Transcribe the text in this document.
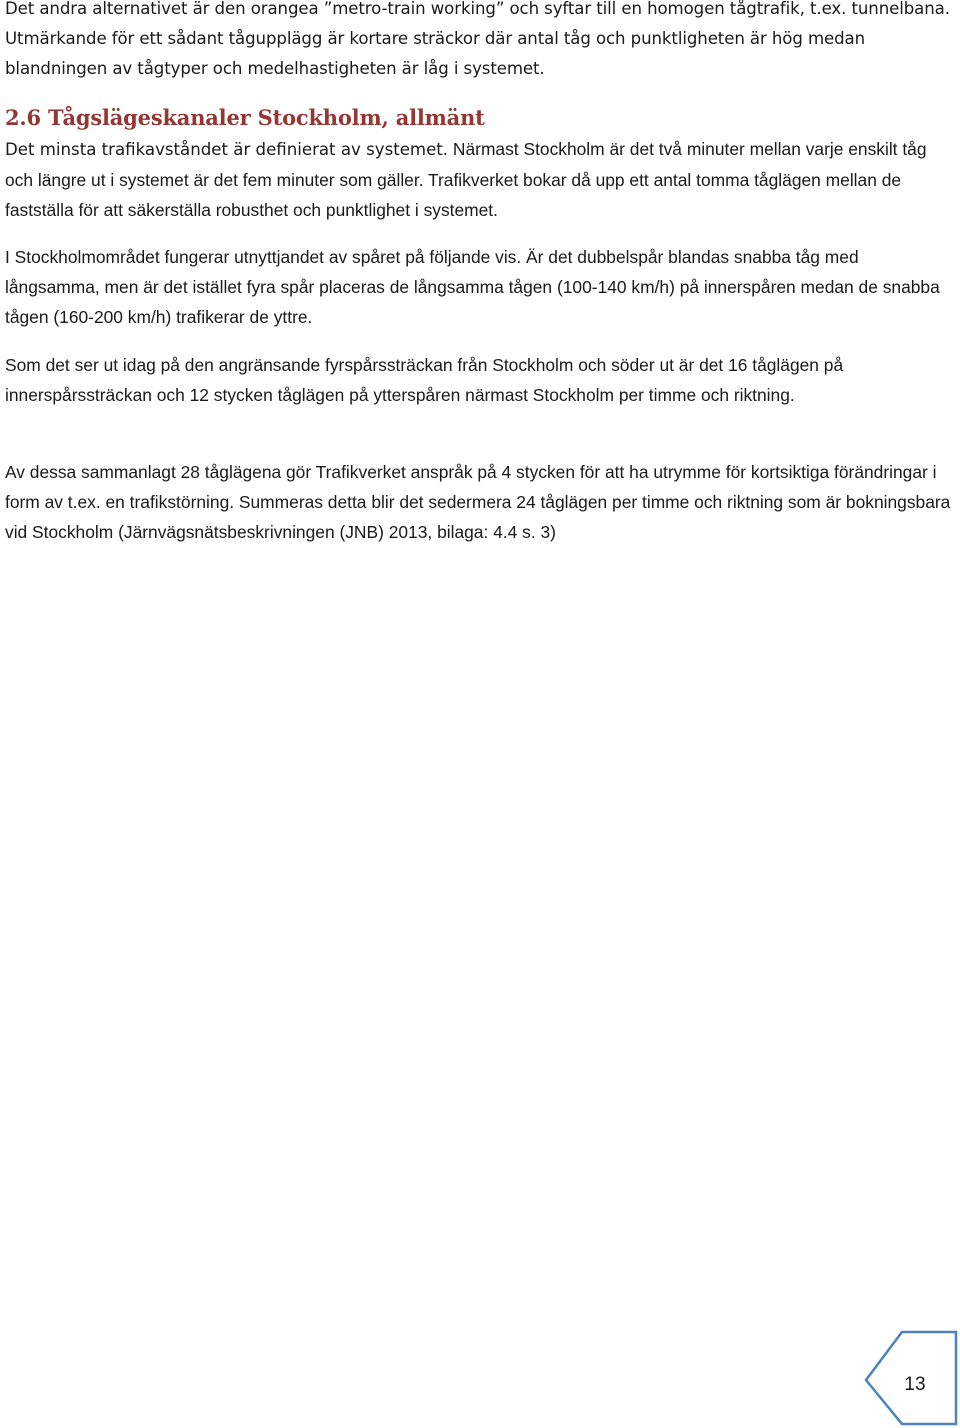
Det andra alternativet är den orangea ”metro-train working” och syftar till en homogen tågtrafik, t.ex. tunnelbana. Utmärkande för ett sådant tågupplägg är kortare sträckor där antal tåg och punktligheten är hög medan blandningen av tågtyper och medelhastigheten är låg i systemet.

2.6 Tågslägeskanaler Stockholm, allmänt

Det minsta trafikavståndet är definierat av systemet. Närmast Stockholm är det två minuter mellan varje enskilt tåg och längre ut i systemet är det fem minuter som gäller. Trafikverket bokar då upp ett antal tomma tåglägen mellan de fastställa för att säkerställa robusthet och punktlighet i systemet.

I Stockholmområdet fungerar utnyttjandet av spåret på följande vis. Är det dubbelspår blandas snabba tåg med långsamma, men är det istället fyra spår placeras de långsamma tågen (100-140 km/h) på innerspåren medan de snabba tågen (160-200 km/h) trafikerar de yttre.

Som det ser ut idag på den angränsande fyrspårssträckan från Stockholm och söder ut är det 16 tåglägen på innerspårssträckan och 12 stycken tåglägen på ytterspåren närmast Stockholm per timme och riktning.

Av dessa sammanlagt 28 tåglägena gör Trafikverket anspråk på 4 stycken för att ha utrymme för kortsiktiga förändringar i form av t.ex. en trafikstörning. Summeras detta blir det sedermera 24 tåglägen per timme och riktning som är bokningsbara vid Stockholm (Järnvägsnätsbeskrivningen (JNB) 2013, bilaga: 4.4 s. 3)

13
